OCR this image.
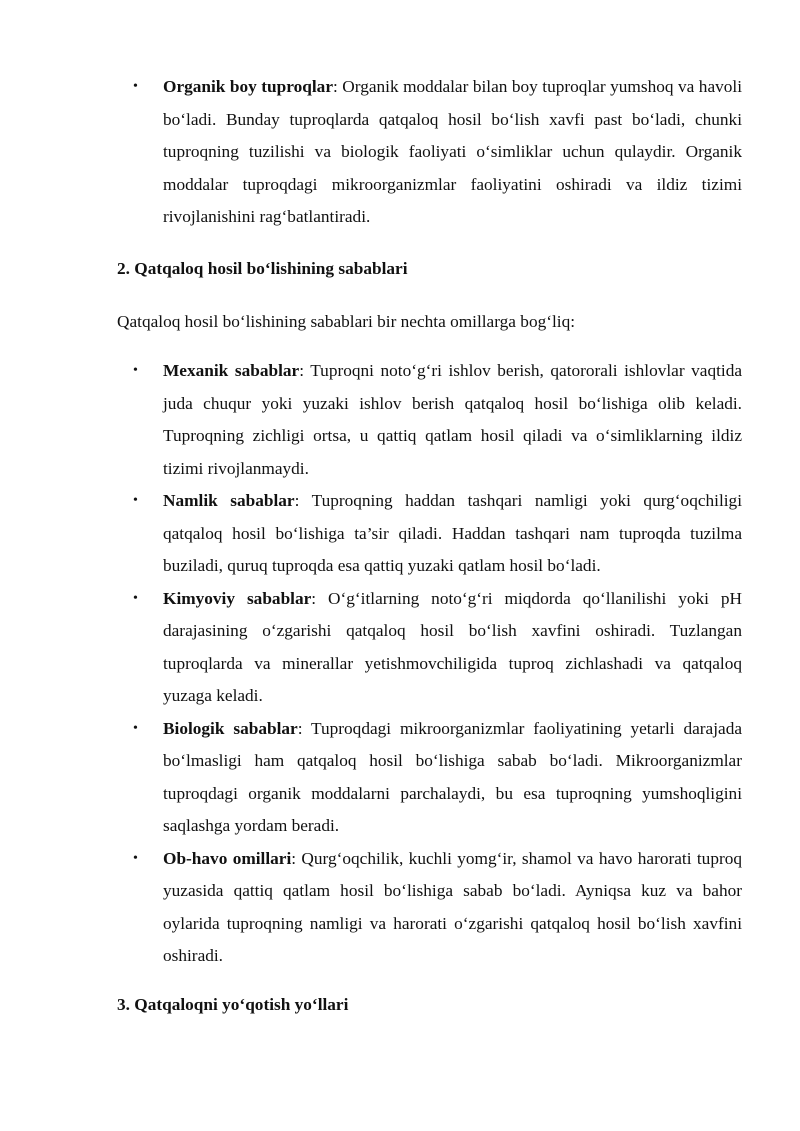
• Organik boy tuproqlar: Organik moddalar bilan boy tuproqlar yumshoq va havoli bo‘ladi. Bunday tuproqlarda qatqaloq hosil bo‘lish xavfi past bo‘ladi, chunki tuproqning tuzilishi va biologik faoliyati o‘simliklar uchun qulaydir. Organik moddalar tuproqdagi mikroorganizmlar faoliyatini oshiradi va ildiz tizimi rivojlanishini rag‘batlantiradi.
2. Qatqaloq hosil bo‘lishining sabablari
Qatqaloq hosil bo‘lishining sabablari bir nechta omillarga bog‘liq:
• Mexanik sabablar: Tuproqni noto‘g‘ri ishlov berish, qatororali ishlovlar vaqtida juda chuqur yoki yuzaki ishlov berish qatqaloq hosil bo‘lishiga olib keladi. Tuproqning zichligi ortsa, u qattiq qatlam hosil qiladi va o‘simliklarning ildiz tizimi rivojlanmaydi.
• Namlik sabablar: Tuproqning haddan tashqari namligi yoki qurg‘oqchiligi qatqaloq hosil bo‘lishiga ta’sir qiladi. Haddan tashqari nam tuproqda tuzilma buziladi, quruq tuproqda esa qattiq yuzaki qatlam hosil bo‘ladi.
• Kimyoviy sabablar: O‘g‘itlarning noto‘g‘ri miqdorda qo‘llanilishi yoki pH darajasining o‘zgarishi qatqaloq hosil bo‘lish xavfini oshiradi. Tuzlangan tuproqlarda va minerallar yetishmovchiligida tuproq zichlashadi va qatqaloq yuzaga keladi.
• Biologik sabablar: Tuproqdagi mikroorganizmlar faoliyatining yetarli darajada bo‘lmasligi ham qatqaloq hosil bo‘lishiga sabab bo‘ladi. Mikroorganizmlar tuproqdagi organik moddalarni parchalaydi, bu esa tuproqning yumshoqligini saqlashga yordam beradi.
• Ob-havo omillari: Qurg‘oqchilik, kuchli yomg‘ir, shamol va havo harorati tuproq yuzasida qattiq qatlam hosil bo‘lishiga sabab bo‘ladi. Ayniqsa kuz va bahor oylarida tuproqning namligi va harorati o‘zgarishi qatqaloq hosil bo‘lish xavfini oshiradi.
3. Qatqaloqni yo‘qotish yo‘llari
